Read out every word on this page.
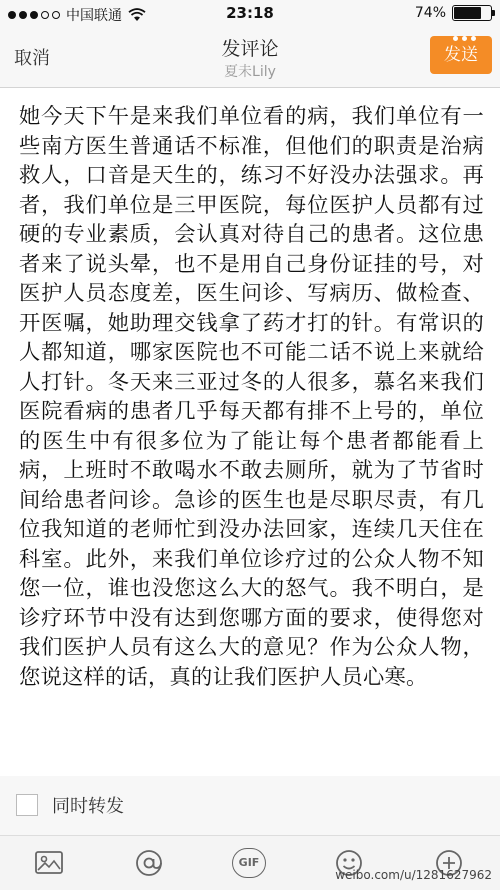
中国联通	23:18	74%
取消	发评论
夏未Lily
发送
她今天下午是来我们单位看的病，我们单位有一些南方医生普通话不标准，但他们的职责是治病救人，口音是天生的，练习不好没办法强求。再者，我们单位是三甲医院，每位医护人员都有过硬的专业素质，会认真对待自己的患者。这位患者来了说头晕，也不是用自己身份证挂的号，对医护人员态度差，医生问诊、写病历、做检查、开医嘱，她助理交钱拿了药才打的针。有常识的人都知道，哪家医院也不可能二话不说上来就给人打针。冬天来三亚过冬的人很多，慕名来我们医院看病的患者几乎每天都有排不上号的，单位的医生中有很多位为了能让每个患者都能看上病，上班时不敢喝水不敢去厕所，就为了节省时间给患者问诊。急诊的医生也是尽职尽责，有几位我知道的老师忙到没办法回家，连续几天住在科室。此外，来我们单位诊疗过的公众人物不知您一位，谁也没您这么大的怒气。我不明白，是诊疗环节中没有达到您哪方面的要求，使得您对我们医护人员有这么大的意见？作为公众人物，您说这样的话，真的让我们医护人员心寒。
同时转发
GIF
weibo.com/u/1281627962
